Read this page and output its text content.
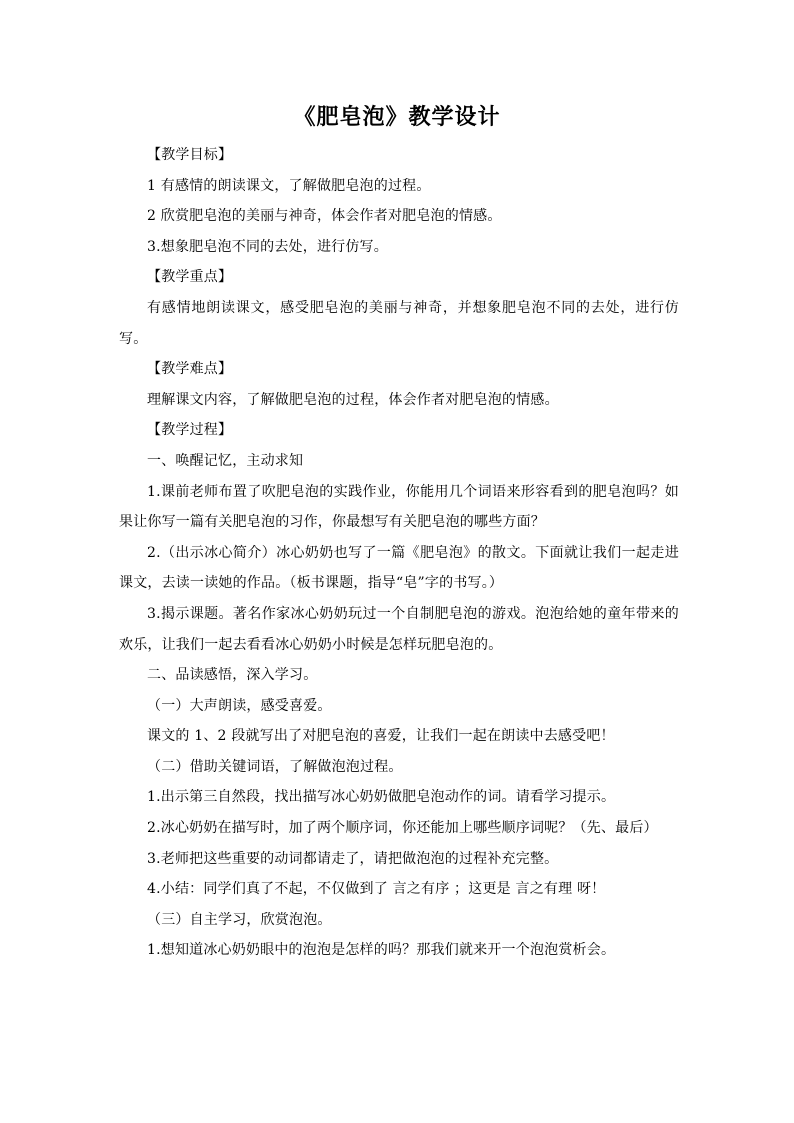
《肥皂泡》教学设计

【教学目标】

1 有感情的朗读课文，了解做肥皂泡的过程。

2 欣赏肥皂泡的美丽与神奇，体会作者对肥皂泡的情感。

3.想象肥皂泡不同的去处，进行仿写。

【教学重点】

有感情地朗读课文，感受肥皂泡的美丽与神奇，并想象肥皂泡不同的去处，进行仿写。

【教学难点】

理解课文内容，了解做肥皂泡的过程，体会作者对肥皂泡的情感。

【教学过程】

一、唤醒记忆，主动求知

1.课前老师布置了吹肥皂泡的实践作业，你能用几个词语来形容看到的肥皂泡吗？如果让你写一篇有关肥皂泡的习作，你最想写有关肥皂泡的哪些方面？

2.（出示冰心简介）冰心奶奶也写了一篇《肥皂泡》的散文。下面就让我们一起走进课文，去读一读她的作品。（板书课题，指导“皂”字的书写。）

3.揭示课题。著名作家冰心奶奶玩过一个自制肥皂泡的游戏。泡泡给她的童年带来的欢乐，让我们一起去看看冰心奶奶小时候是怎样玩肥皂泡的。

二、品读感悟，深入学习。

（一）大声朗读，感受喜爱。

课文的 1、2 段就写出了对肥皂泡的喜爱，让我们一起在朗读中去感受吧！

（二）借助关键词语，了解做泡泡过程。

1.出示第三自然段，找出描写冰心奶奶做肥皂泡动作的词。请看学习提示。

2.冰心奶奶在描写时，加了两个顺序词，你还能加上哪些顺序词呢？（先、最后）

3.老师把这些重要的动词都请走了，请把做泡泡的过程补充完整。

4.小结：同学们真了不起，不仅做到了 言之有序 ；这更是 言之有理 呀！

（三）自主学习，欣赏泡泡。

1.想知道冰心奶奶眼中的泡泡是怎样的吗？那我们就来开一个泡泡赏析会。
